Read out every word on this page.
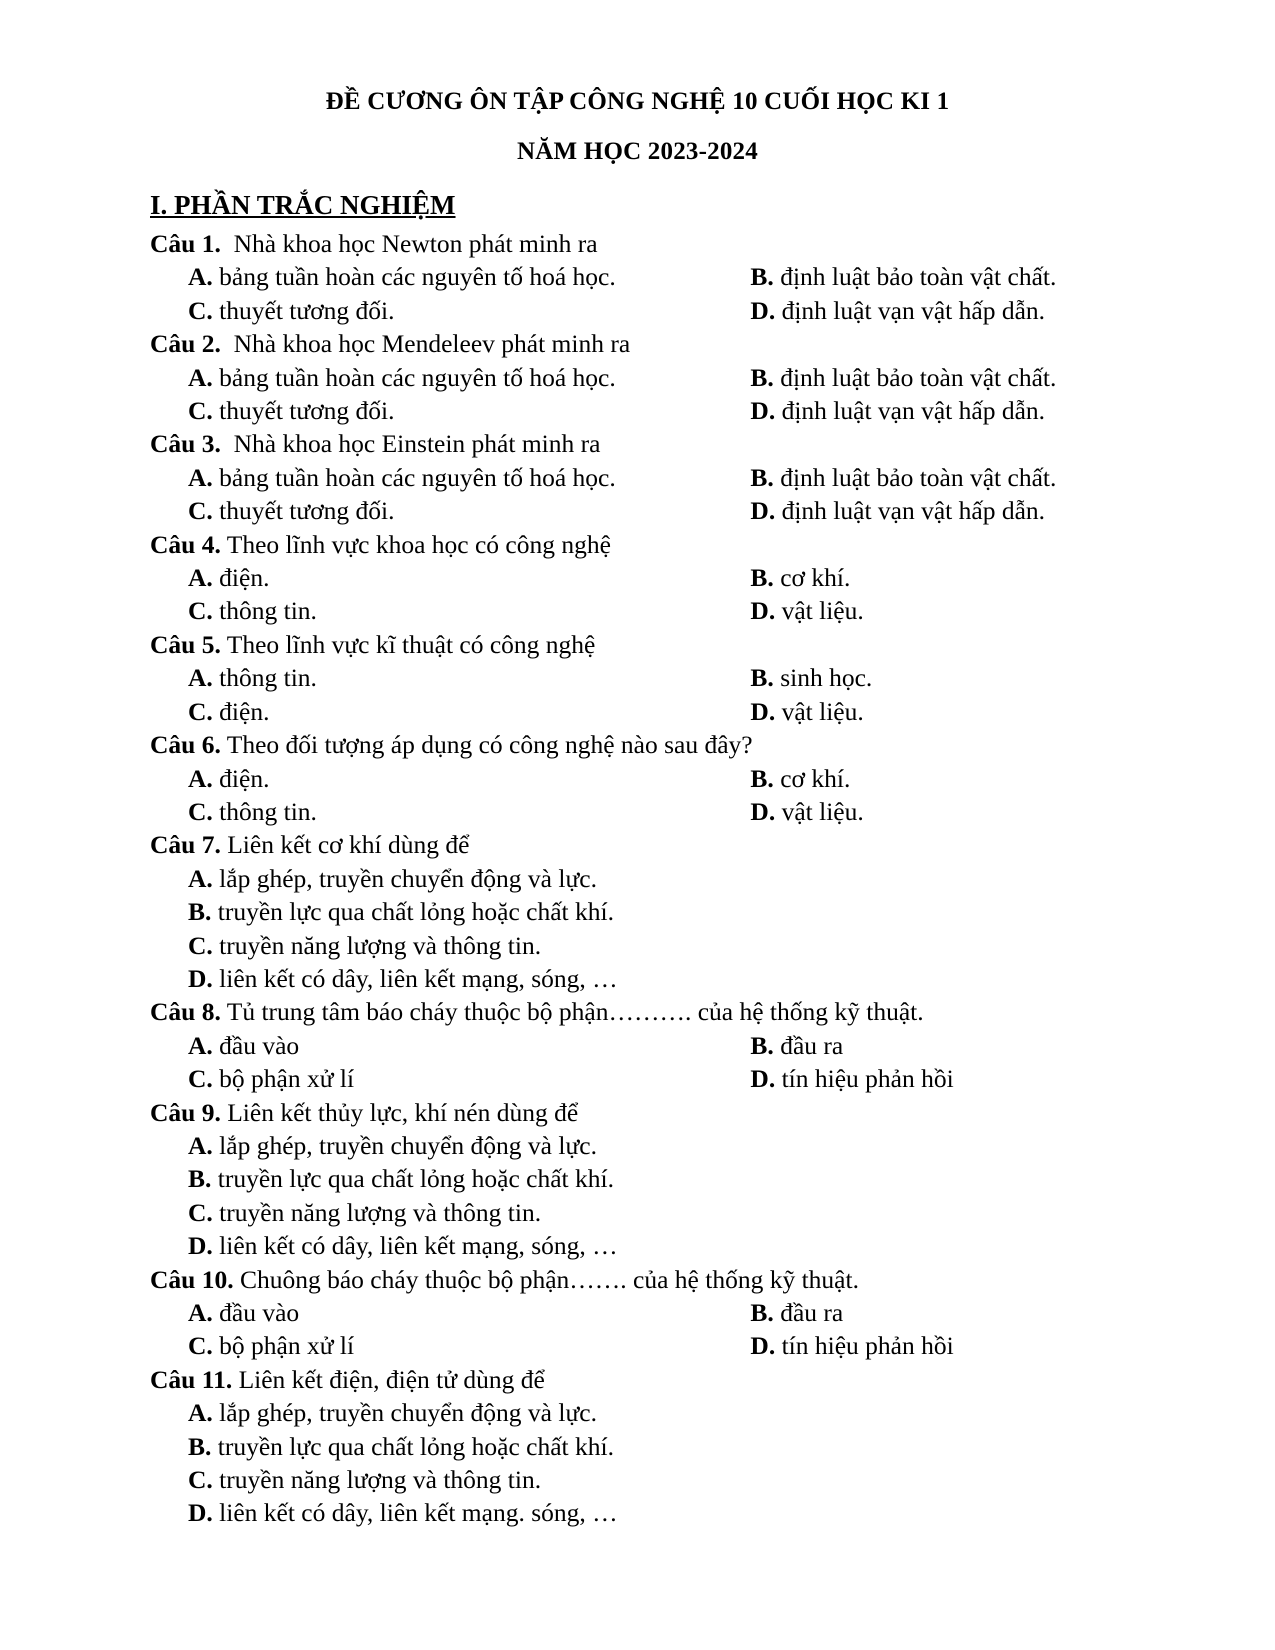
ĐỀ CƯƠNG ÔN TẬP CÔNG NGHỆ 10 CUỐI HỌC KI 1
NĂM HỌC 2023-2024
I. PHẦN TRẮC NGHIỆM
Câu 1.  Nhà khoa học Newton phát minh ra
A. bảng tuần hoàn các nguyên tố hoá học.	B. định luật bảo toàn vật chất.
C. thuyết tương đối.	D. định luật vạn vật hấp dẫn.
Câu 2.  Nhà khoa học Mendeleev phát minh ra
A. bảng tuần hoàn các nguyên tố hoá học.	B. định luật bảo toàn vật chất.
C. thuyết tương đối.	D. định luật vạn vật hấp dẫn.
Câu 3.  Nhà khoa học Einstein phát minh ra
A. bảng tuần hoàn các nguyên tố hoá học.	B. định luật bảo toàn vật chất.
C. thuyết tương đối.	D. định luật vạn vật hấp dẫn.
Câu 4. Theo lĩnh vực khoa học có công nghệ
A. điện.	B. cơ khí.
C. thông tin.	D. vật liệu.
Câu 5. Theo lĩnh vực kĩ thuật có công nghệ
A. thông tin.	B. sinh học.
C. điện.	D. vật liệu.
Câu 6. Theo đối tượng áp dụng có công nghệ nào sau đây?
A. điện.	B. cơ khí.
C. thông tin.	D. vật liệu.
Câu 7. Liên kết cơ khí dùng để
A. lắp ghép, truyền chuyển động và lực.
B. truyền lực qua chất lỏng hoặc chất khí.
C. truyền năng lượng và thông tin.
D. liên kết có dây, liên kết mạng, sóng, …
Câu 8. Tủ trung tâm báo cháy thuộc bộ phận………. của hệ thống kỹ thuật.
A. đầu vào	B. đầu ra
C. bộ phận xử lí	D. tín hiệu phản hồi
Câu 9. Liên kết thủy lực, khí nén dùng để
A. lắp ghép, truyền chuyển động và lực.
B. truyền lực qua chất lỏng hoặc chất khí.
C. truyền năng lượng và thông tin.
D. liên kết có dây, liên kết mạng, sóng, …
Câu 10. Chuông báo cháy thuộc bộ phận……. của hệ thống kỹ thuật.
A. đầu vào	B. đầu ra
C. bộ phận xử lí	D. tín hiệu phản hồi
Câu 11. Liên kết điện, điện tử dùng để
A. lắp ghép, truyền chuyển động và lực.
B. truyền lực qua chất lỏng hoặc chất khí.
C. truyền năng lượng và thông tin.
D. liên kết có dây, liên kết mạng. sóng, …
